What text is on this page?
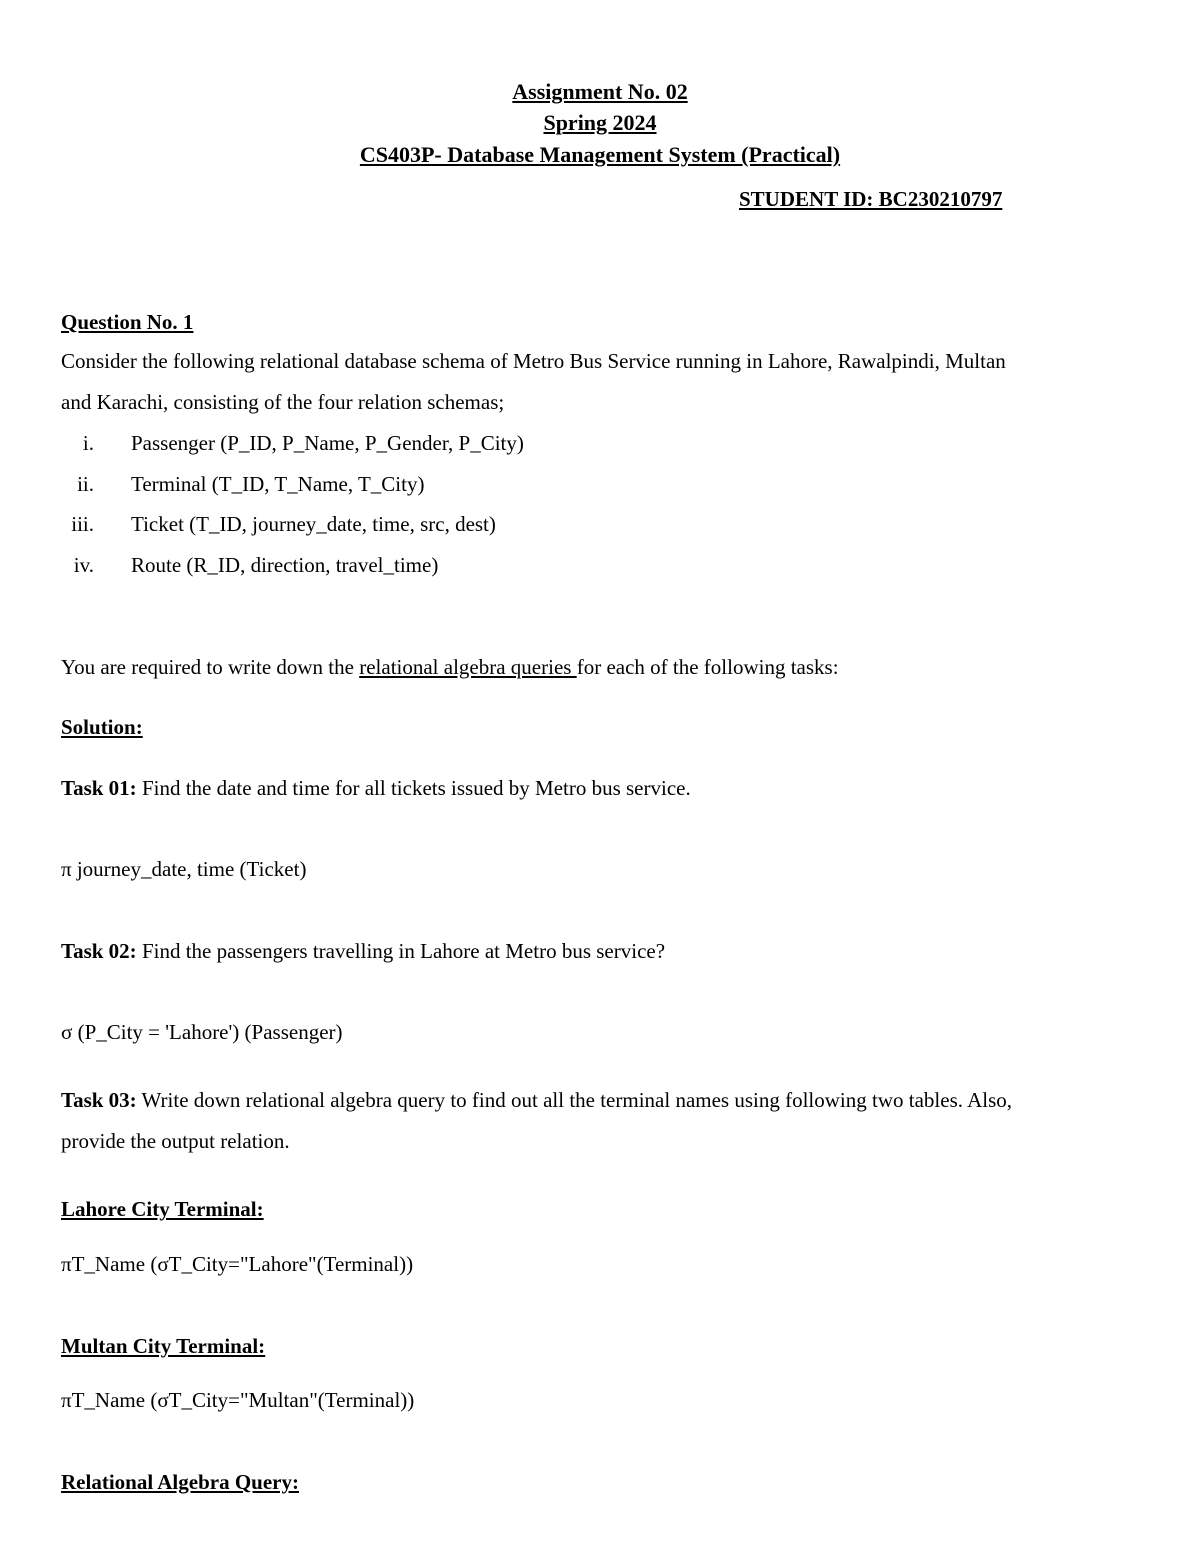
Assignment No. 02
Spring 2024
CS403P- Database Management System (Practical)
STUDENT ID: BC230210797
Question No. 1
Consider the following relational database schema of Metro Bus Service running in Lahore, Rawalpindi, Multan
and Karachi, consisting of the four relation schemas;
i. Passenger (P_ID, P_Name, P_Gender, P_City)
ii. Terminal (T_ID, T_Name, T_City)
iii. Ticket (T_ID, journey_date, time, src, dest)
iv. Route (R_ID, direction, travel_time)
You are required to write down the relational algebra queries for each of the following tasks:
Solution:
Task 01: Find the date and time for all tickets issued by Metro bus service.
π journey_date, time (Ticket)
Task 02: Find the passengers travelling in Lahore at Metro bus service?
σ (P_City = 'Lahore') (Passenger)
Task 03: Write down relational algebra query to find out all the terminal names using following two tables. Also,
provide the output relation.
Lahore City Terminal:
πT_Name (σT_City="Lahore"(Terminal))
Multan City Terminal:
πT_Name (σT_City="Multan"(Terminal))
Relational Algebra Query:
